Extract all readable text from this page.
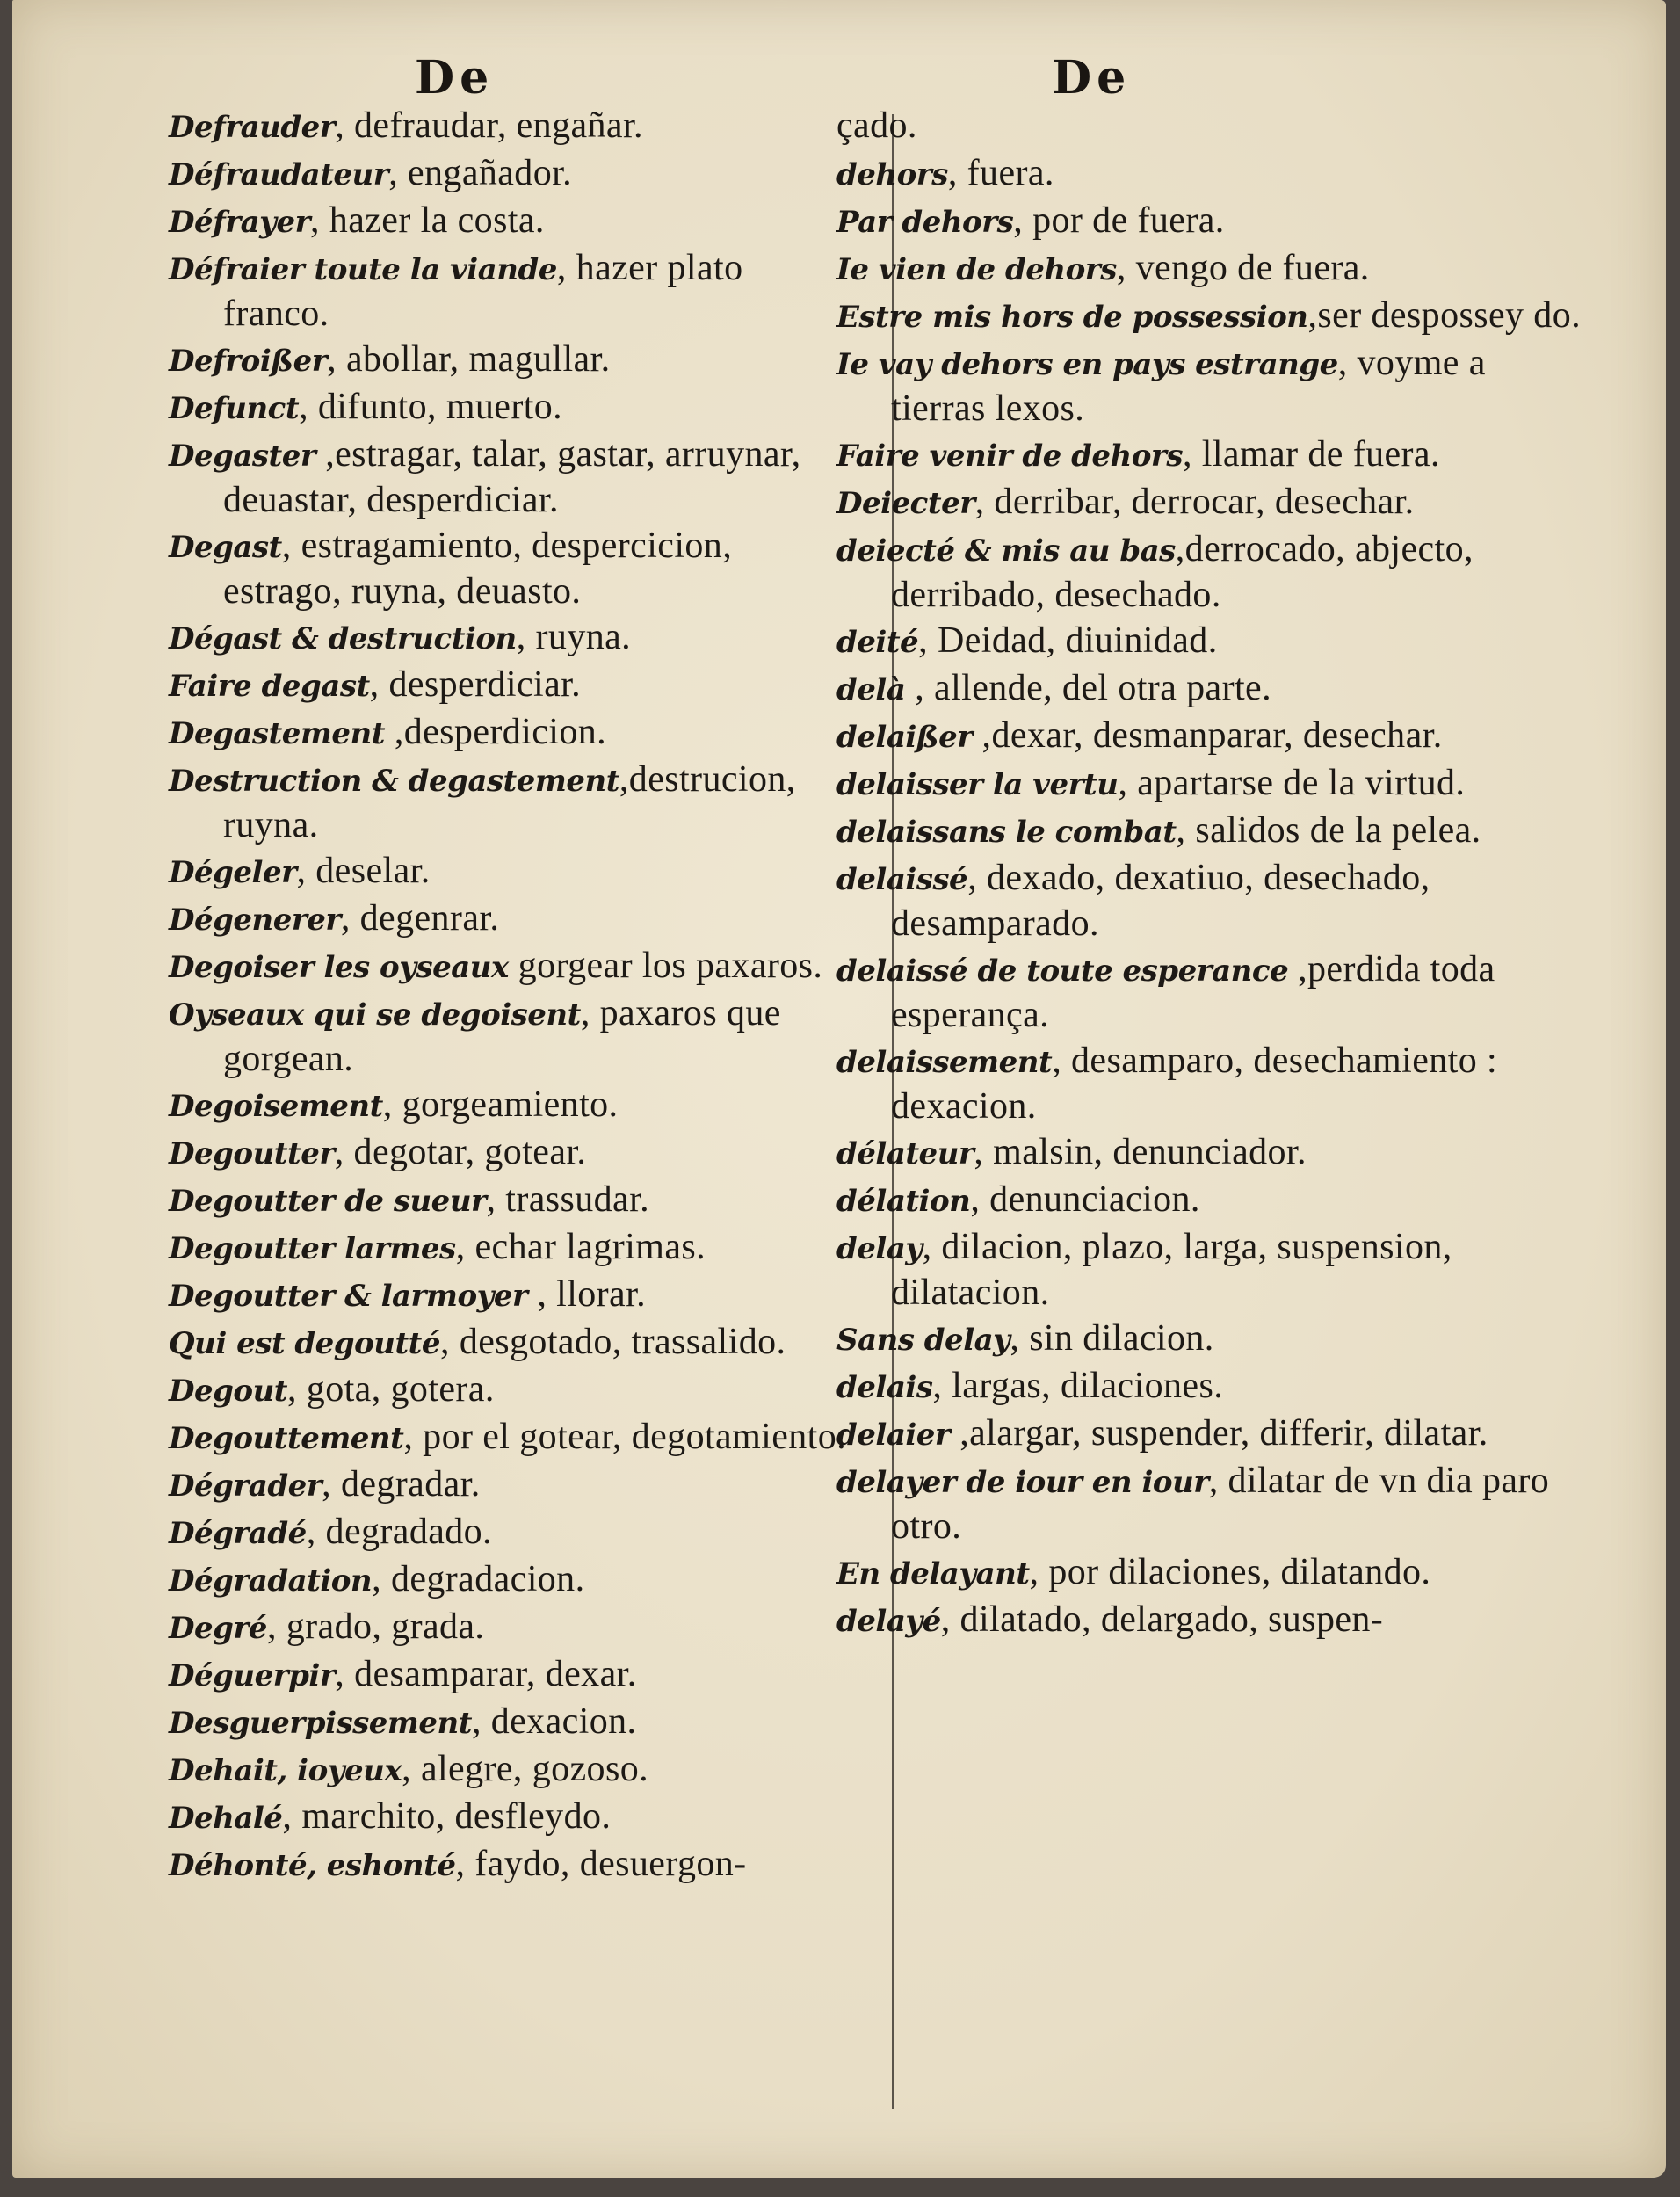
De	De

Defrauder, defraudar, engañar.

Défraudateur, engañador.

Défrayer, hazer la costa.

Défraier toute la viande, hazer plato franco.

Defroißer, abollar, magullar.

Defunct, difunto, muerto.

Degaster ,estragar, talar, gastar, arruynar, deuastar, desperdiciar.

Degast, estragamiento, despercicion, estrago, ruyna, deuasto.

Dégast & destruction, ruyna.

Faire degast, desperdiciar.

Degastement ,desperdicion.

Destruction & degastement,destrucion, ruyna.

Dégeler, deselar.

Dégenerer, degenrar.

Degoiser les oyseaux gorgear los paxaros.

Oyseaux qui se degoisent, paxaros que gorgean.

Degoisement, gorgeamiento.

Degoutter, degotar, gotear.

Degoutter de sueur, trassudar.

Degoutter larmes, echar lagrimas.

Degoutter & larmoyer , llorar.

Qui est degoutté, desgotado, trassalido.

Degout, gota, gotera.

Degouttement, por el gotear, degotamiento.

Dégrader, degradar.

Dégradé, degradado.

Dégradation, degradacion.

Degré, grado, grada.

Déguerpir, desamparar, dexar.

Desguerpissement, dexacion.

Dehait, ioyeux, alegre, gozoso.

Dehalé, marchito, desfleydo.

Déhonté, eshonté, faydo, desuergon-

çado.

dehors, fuera.

Par dehors, por de fuera.

Ie vien de dehors, vengo de fuera.

Estre mis hors de possession,ser despossey do.

Ie vay dehors en pays estrange, voyme a tierras lexos.

Faire venir de dehors, llamar de fuera.

Deiecter, derribar, derrocar, desechar.

deiecté & mis au bas,derrocado, abjecto, derribado, desechado.

deité, Deidad, diuinidad.

delà , allende, del otra parte.

delaißer ,dexar, desmanparar, desechar.

delaisser la vertu, apartarse de la virtud.

delaissans le combat, salidos de la pelea.

delaissé, dexado, dexatiuo, desechado, desamparado.

delaissé de toute esperance ,perdida toda esperança.

delaissement, desamparo, desechamiento : dexacion.

délateur, malsin, denunciador.

délation, denunciacion.

delay, dilacion, plazo, larga, suspension, dilatacion.

Sans delay, sin dilacion.

delais, largas, dilaciones.

delaier ,alargar, suspender, differir, dilatar.

delayer de iour en iour, dilatar de vn dia paro otro.

En delayant, por dilaciones, dilatando.

delayé, dilatado, delargado, suspen-
